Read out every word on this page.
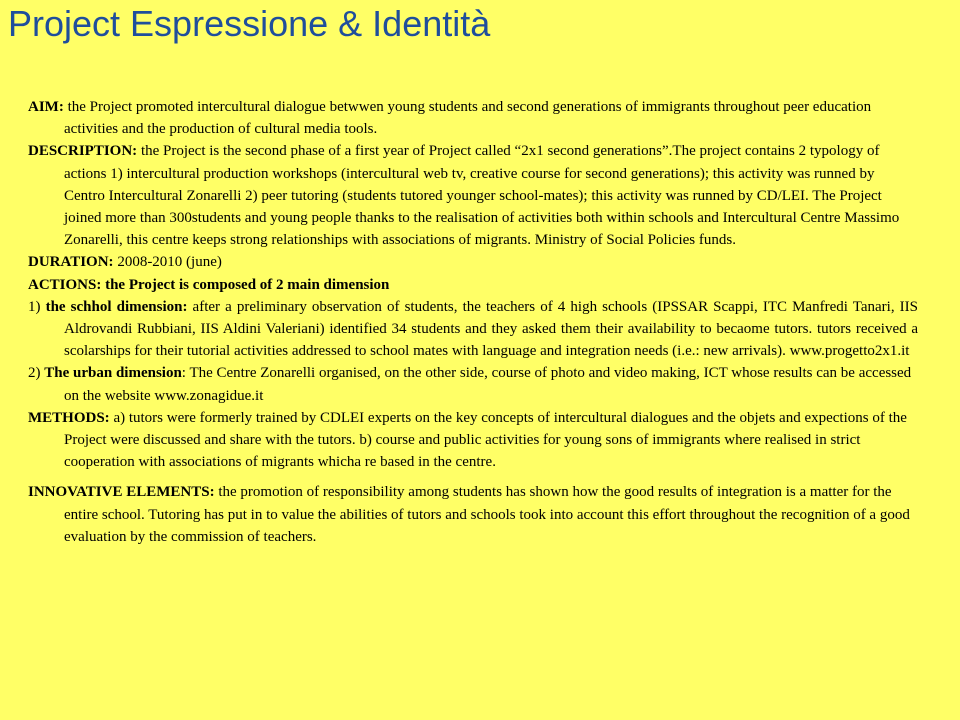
Project Espressione & Identità

AIM: the Project promoted intercultural dialogue betwwen young students and second generations of immigrants throughout peer education activities and the production of cultural media tools.

DESCRIPTION: the Project is the second phase of a first year of Project called “2x1 second generations”.The project contains 2 typology of actions 1) intercultural production workshops (intercultural web tv, creative course for second generations); this activity was runned by Centro Intercultural Zonarelli 2) peer tutoring (students tutored younger school-mates); this activity was runned by CD/LEI. The Project joined more than 300students and young people thanks to the realisation of activities both within schools and Intercultural Centre Massimo Zonarelli, this centre keeps strong relationships with associations of migrants. Ministry of Social Policies funds.

DURATION: 2008-2010 (june)

ACTIONS: the Project is composed of 2 main dimension

1) the schhol dimension: after a preliminary observation of students, the teachers of 4 high schools (IPSSAR Scappi, ITC Manfredi Tanari, IIS Aldrovandi Rubbiani, IIS Aldini Valeriani) identified 34 students and they asked them their availability to becaome tutors. tutors received a scolarships for their tutorial activities addressed to school mates with language and integration needs (i.e.: new arrivals). www.progetto2x1.it

2) The urban dimension: The Centre Zonarelli organised, on the other side, course of photo and video making, ICT whose results can be accessed on the website www.zonagidue.it

METHODS: a) tutors were formerly trained by CDLEI experts on the key concepts of intercultural dialogues and the objets and expections of the Project were discussed and share with the tutors. b) course and public activities for young sons of immigrants where realised in strict cooperation with associations of migrants whicha re based in the centre.

INNOVATIVE ELEMENTS: the promotion of responsibility among students has shown how the good results of integration is a matter for the entire school. Tutoring has put in to value the abilities of tutors and schools took into account this effort throughout the recognition of a good evaluation by the commission of teachers.
